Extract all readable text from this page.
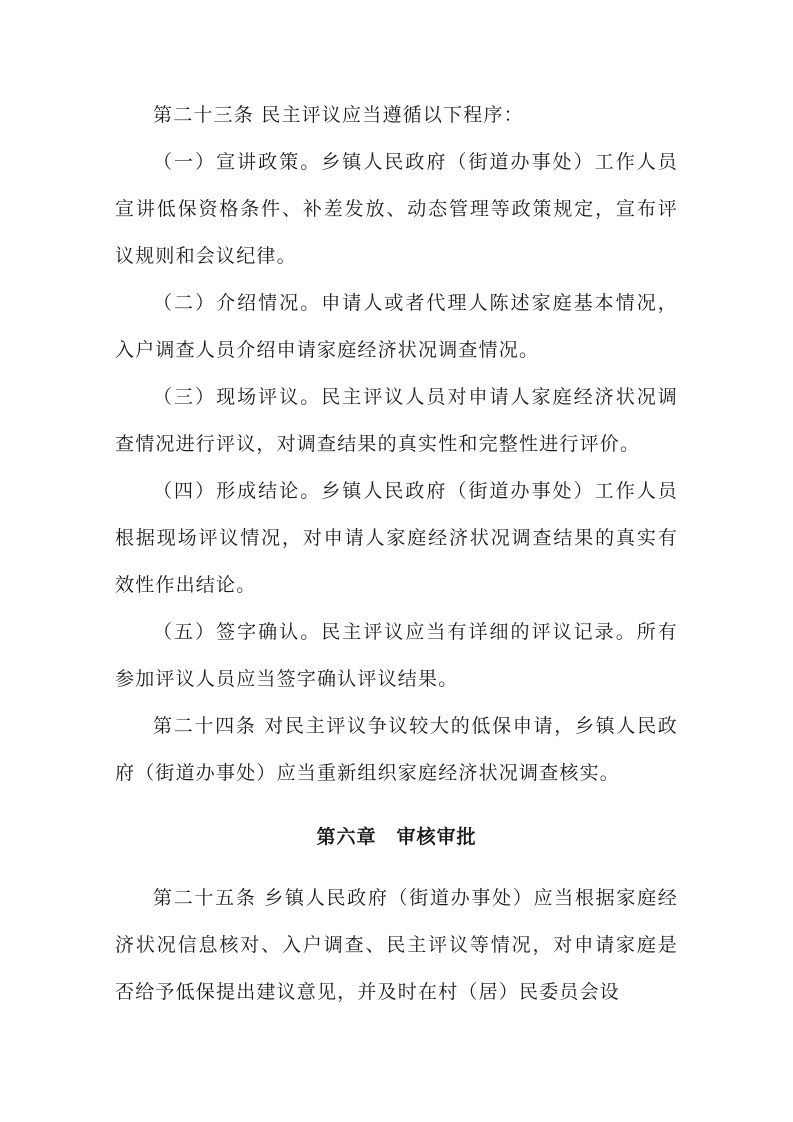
第二十三条 民主评议应当遵循以下程序：

（一）宣讲政策。乡镇人民政府（街道办事处）工作人员宣讲低保资格条件、补差发放、动态管理等政策规定，宣布评议规则和会议纪律。

（二）介绍情况。申请人或者代理人陈述家庭基本情况，入户调查人员介绍申请家庭经济状况调查情况。

（三）现场评议。民主评议人员对申请人家庭经济状况调查情况进行评议，对调查结果的真实性和完整性进行评价。

（四）形成结论。乡镇人民政府（街道办事处）工作人员根据现场评议情况，对申请人家庭经济状况调查结果的真实有效性作出结论。

（五）签字确认。民主评议应当有详细的评议记录。所有参加评议人员应当签字确认评议结果。

第二十四条 对民主评议争议较大的低保申请，乡镇人民政府（街道办事处）应当重新组织家庭经济状况调查核实。

第六章　审核审批

第二十五条 乡镇人民政府（街道办事处）应当根据家庭经济状况信息核对、入户调查、民主评议等情况，对申请家庭是否给予低保提出建议意见，并及时在村（居）民委员会设
